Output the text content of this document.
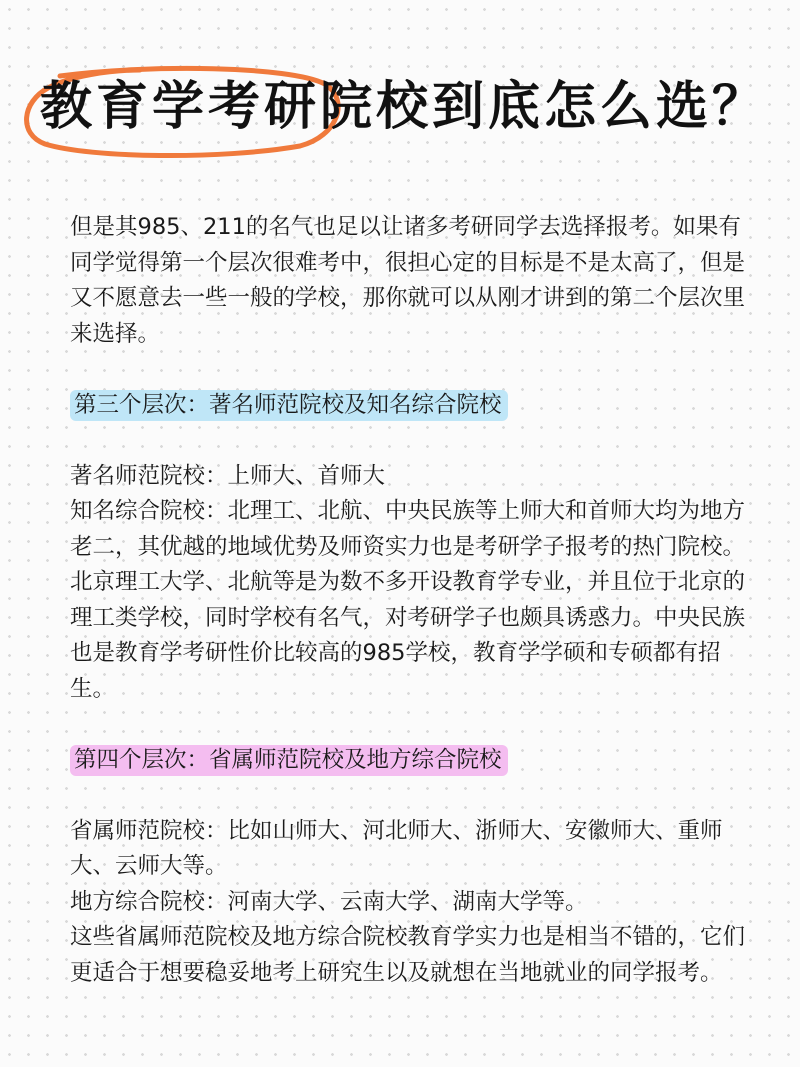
教育学考研院校到底怎么选？

但是其985、211的名气也足以让诸多考研同学去选择报考。如果有同学觉得第一个层次很难考中，很担心定的目标是不是太高了，但是又不愿意去一些一般的学校，那你就可以从刚才讲到的第二个层次里来选择。

第三个层次：著名师范院校及知名综合院校

著名师范院校：上师大、首师大

知名综合院校：北理工、北航、中央民族等上师大和首师大均为地方老二，其优越的地域优势及师资实力也是考研学子报考的热门院校。

北京理工大学、北航等是为数不多开设教育学专业，并且位于北京的理工类学校，同时学校有名气，对考研学子也颇具诱惑力。中央民族也是教育学考研性价比较高的985学校，教育学学硕和专硕都有招生。

第四个层次：省属师范院校及地方综合院校

省属师范院校：比如山师大、河北师大、浙师大、安徽师大、重师大、云师大等。

地方综合院校：河南大学、云南大学、湖南大学等。

这些省属师范院校及地方综合院校教育学实力也是相当不错的，它们更适合于想要稳妥地考上研究生以及就想在当地就业的同学报考。
